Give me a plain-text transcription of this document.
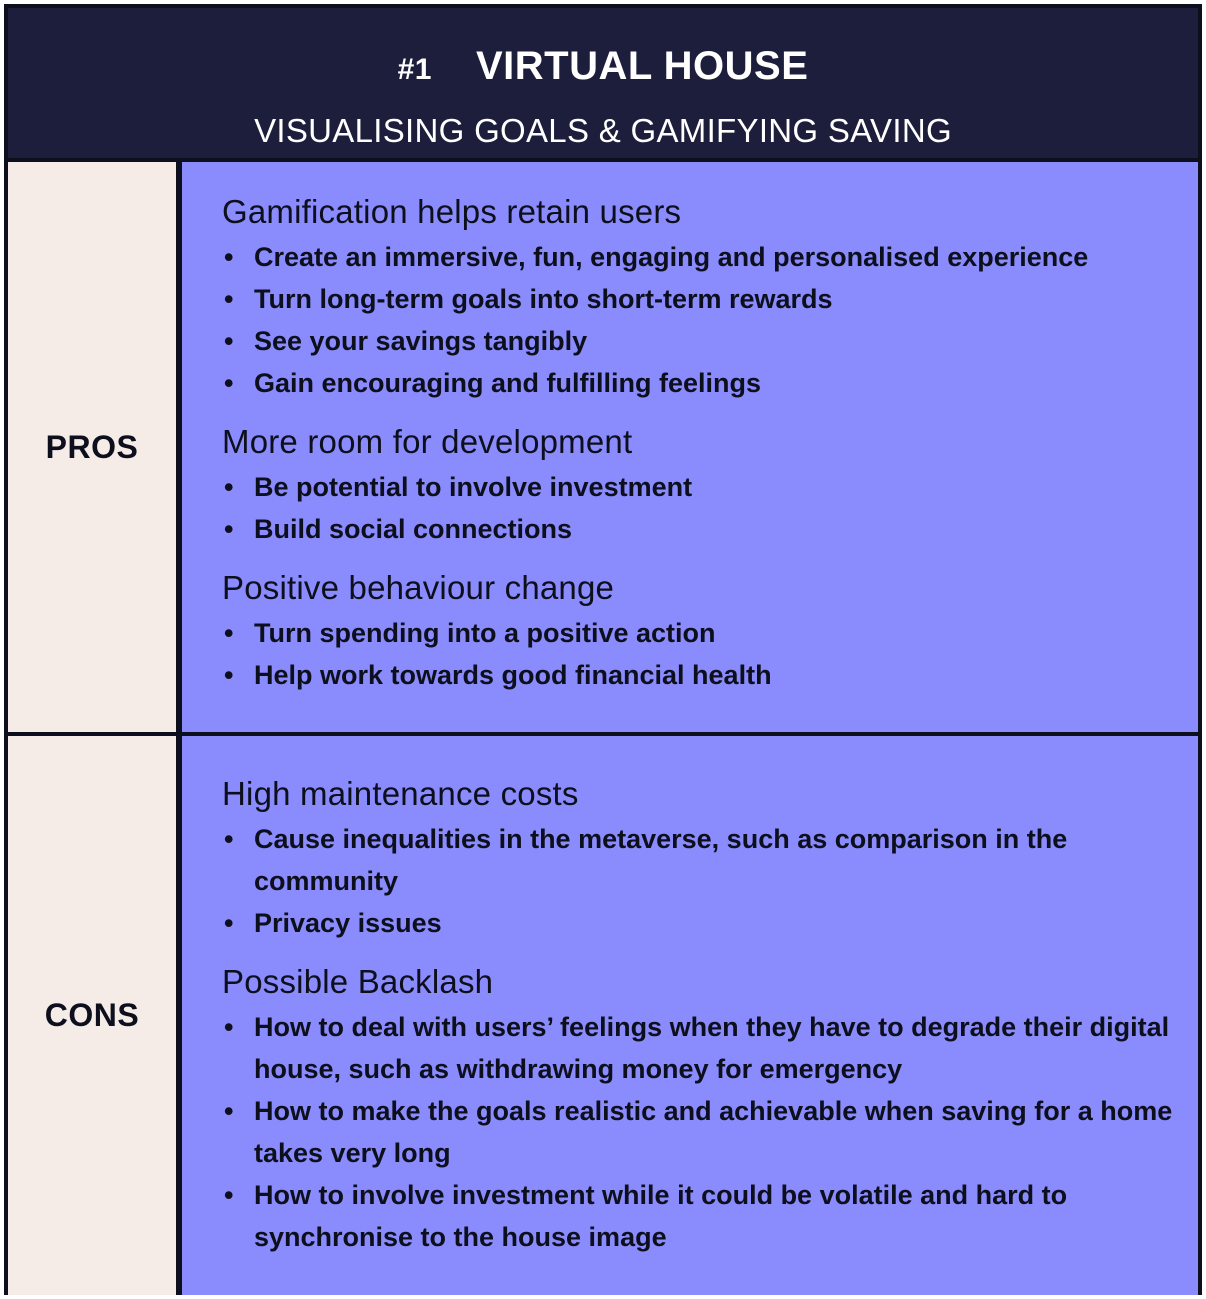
#1 VIRTUAL HOUSE
VISUALISING GOALS & GAMIFYING SAVING
PROS
Gamification helps retain users
• Create an immersive, fun, engaging and personalised experience
• Turn long-term goals into short-term rewards
• See your savings tangibly
• Gain encouraging and fulfilling feelings
More room for development
• Be potential to involve investment
• Build social connections
Positive behaviour change
• Turn spending into a positive action
• Help work towards good financial health
CONS
High maintenance costs
• Cause inequalities in the metaverse, such as comparison in the community
• Privacy issues
Possible Backlash
• How to deal with users’ feelings when they have to degrade their digital house, such as withdrawing money for emergency
• How to make the goals realistic and achievable when saving for a home takes very long
• How to involve investment while it could be volatile and hard to synchronise to the house image
